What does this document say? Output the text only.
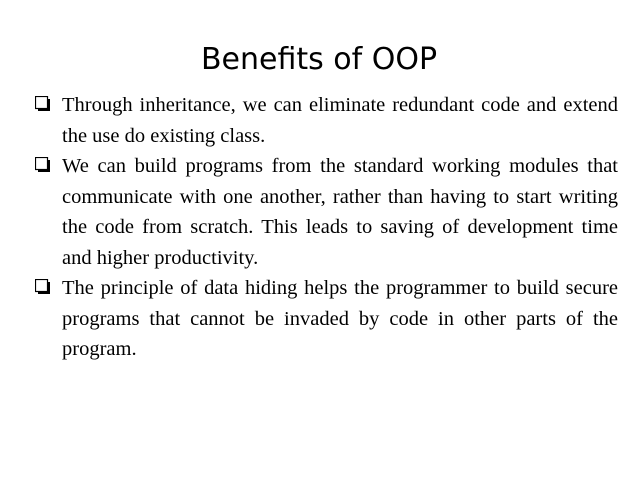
Benefits of OOP
Through inheritance, we can eliminate redundant code and extend the use do existing class.
We can build programs from the standard working modules that communicate with one another, rather than having to start writing the code from scratch. This leads to saving of development time and higher productivity.
The principle of data hiding helps the programmer to build secure programs that cannot be invaded by code in other parts of the program.
